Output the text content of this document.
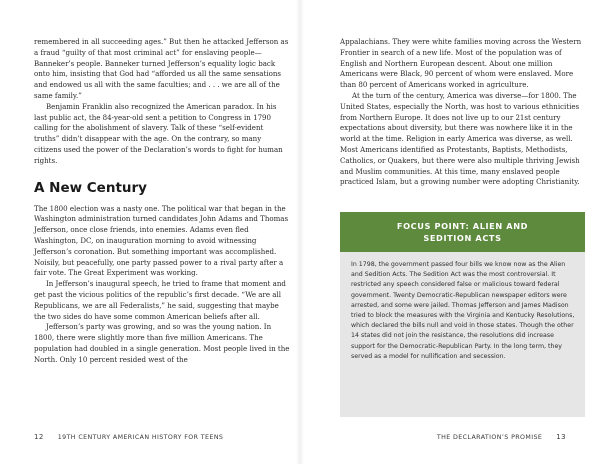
remembered in all succeeding ages.” But then he attacked Jefferson as a fraud “guilty of that most criminal act” for enslaving people—Banneker’s people. Banneker turned Jefferson’s equality logic back onto him, insisting that God had “afforded us all the same sensations and endowed us all with the same faculties; and . . . we are all of the same family.”

Benjamin Franklin also recognized the American paradox. In his last public act, the 84-year-old sent a petition to Congress in 1790 calling for the abolishment of slavery. Talk of these “self-evident truths” didn’t disappear with the age. On the contrary, so many citizens used the power of the Declaration’s words to fight for human rights.

A New Century

The 1800 election was a nasty one. The political war that began in the Washington administration turned candidates John Adams and Thomas Jefferson, once close friends, into enemies. Adams even fled Washington, DC, on inauguration morning to avoid witnessing Jefferson’s coronation. But something important was accomplished. Noisily, but peacefully, one party passed power to a rival party after a fair vote. The Great Experiment was working.

In Jefferson’s inaugural speech, he tried to frame that moment and get past the vicious politics of the republic’s first decade. “We are all Republicans, we are all Federalists,” he said, suggesting that maybe the two sides do have some common American beliefs after all.

Jefferson’s party was growing, and so was the young nation. In 1800, there were slightly more than five million Americans. The population had doubled in a single generation. Most people lived in the North. Only 10 percent resided west of the

12 19TH CENTURY AMERICAN HISTORY FOR TEENS

Appalachians. They were white families moving across the Western Frontier in search of a new life. Most of the population was of English and Northern European descent. About one million Americans were Black, 90 percent of whom were enslaved. More than 80 percent of Americans worked in agriculture.

At the turn of the century, America was diverse—for 1800. The United States, especially the North, was host to various ethnicities from Northern Europe. It does not live up to our 21st century expectations about diversity, but there was nowhere like it in the world at the time. Religion in early America was diverse, as well. Most Americans identified as Protestants, Baptists, Methodists, Catholics, or Quakers, but there were also multiple thriving Jewish and Muslim communities. At this time, many enslaved people practiced Islam, but a growing number were adopting Christianity.

FOCUS POINT: ALIEN AND SEDITION ACTS

In 1798, the government passed four bills we know now as the Alien and Sedition Acts. The Sedition Act was the most controversial. It restricted any speech considered false or malicious toward federal government. Twenty Democratic-Republican newspaper editors were arrested, and some were jailed. Thomas Jefferson and James Madison tried to block the measures with the Virginia and Kentucky Resolutions, which declared the bills null and void in those states. Though the other 14 states did not join the resistance, the resolutions did increase support for the Democratic-Republican Party. In the long term, they served as a model for nullification and secession.

THE DECLARATION’S PROMISE 13
